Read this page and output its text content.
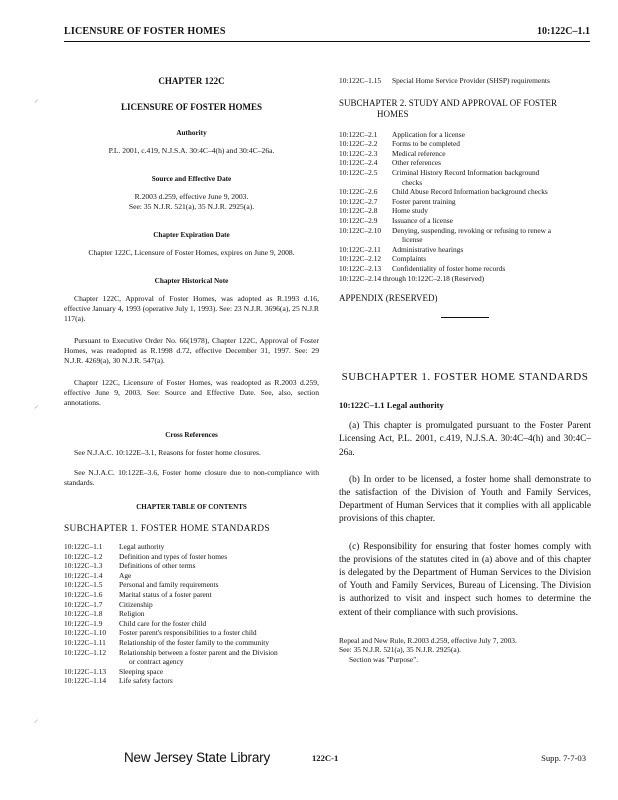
LICENSURE OF FOSTER HOMES	10:122C–1.1
⸝
⸝
⸝
CHAPTER 122C
LICENSURE OF FOSTER HOMES
Authority
P.L. 2001, c.419, N.J.S.A. 30:4C–4(h) and 30:4C–26a.
Source and Effective Date
R.2003 d.259, effective June 9, 2003.
See: 35 N.J.R. 521(a), 35 N.J.R. 2925(a).
Chapter Expiration Date
Chapter 122C, Licensure of Foster Homes, expires on June 9, 2008.
Chapter Historical Note
Chapter 122C, Approval of Foster Homes, was adopted as R.1993 d.16, effective January 4, 1993 (operative July 1, 1993). See: 23 N.J.R. 3696(a), 25 N.J.R 117(a).
Pursuant to Executive Order No. 66(1978), Chapter 122C, Approval of Foster Homes, was readopted as R.1998 d.72, effective December 31, 1997. See: 29 N.J.R. 4269(a), 30 N.J.R. 547(a).
Chapter 122C, Licensure of Foster Homes, was readopted as R.2003 d.259, effective June 9, 2003. See: Source and Effective Date. See, also, section annotations.
Cross References
See N.J.A.C. 10:122E–3.1, Reasons for foster home closures.
See N.J.A.C. 10:122E–3.6, Foster home closure due to non-compliance with standards.
CHAPTER TABLE OF CONTENTS
SUBCHAPTER 1. FOSTER HOME STANDARDS
10:122C–1.1	Legal authority
10:122C–1.2	Definition and types of foster homes
10:122C–1.3	Definitions of other terms
10:122C–1.4	Age
10:122C–1.5	Personal and family requirements
10:122C–1.6	Marital status of a foster parent
10:122C–1.7	Citizenship
10:122C–1.8	Religion
10:122C–1.9	Child care for the foster child
10:122C–1.10	Foster parent's responsibilities to a foster child
10:122C–1.11	Relationship of the foster family to the community
10:122C–1.12	Relationship between a foster parent and the Division
or contract agency
10:122C–1.13	Sleeping space
10:122C–1.14	Life safety factors
10:122C–1.15	Special Home Service Provider (SHSP) requirements
SUBCHAPTER 2. STUDY AND APPROVAL OF FOSTER
HOMES
10:122C–2.1	Application for a license
10:122C–2.2	Forms to be completed
10:122C–2.3	Medical reference
10:122C–2.4	Other references
10:122C–2.5	Criminal History Record Information background
checks
10:122C–2.6	Child Abuse Record Information background checks
10:122C–2.7	Foster parent training
10:122C–2.8	Home study
10:122C–2.9	Issuance of a license
10:122C–2.10	Denying, suspending, revoking or refusing to renew a
license
10:122C–2.11	Administrative hearings
10:122C–2.12	Complaints
10:122C–2.13	Confidentiality of foster home records
10:122C–2.14 through 10:122C–2.18 (Reserved)
APPENDIX (RESERVED)
SUBCHAPTER 1. FOSTER HOME STANDARDS
10:122C–1.1 Legal authority
(a) This chapter is promulgated pursuant to the Foster Parent Licensing Act, P.L. 2001, c.419, N.J.S.A. 30:4C–4(h) and 30:4C–26a.
(b) In order to be licensed, a foster home shall demonstrate to the satisfaction of the Division of Youth and Family Services, Department of Human Services that it complies with all applicable provisions of this chapter.
(c) Responsibility for ensuring that foster homes comply with the provisions of the statutes cited in (a) above and of this chapter is delegated by the Department of Human Services to the Division of Youth and Family Services, Bureau of Licensing. The Division is authorized to visit and inspect such homes to determine the extent of their compliance with such provisions.
Repeal and New Rule, R.2003 d.259, effective July 7, 2003.
See: 35 N.J.R. 521(a), 35 N.J.R. 2925(a).
Section was "Purpose".
New Jersey State Library	122C-1	Supp. 7-7-03
